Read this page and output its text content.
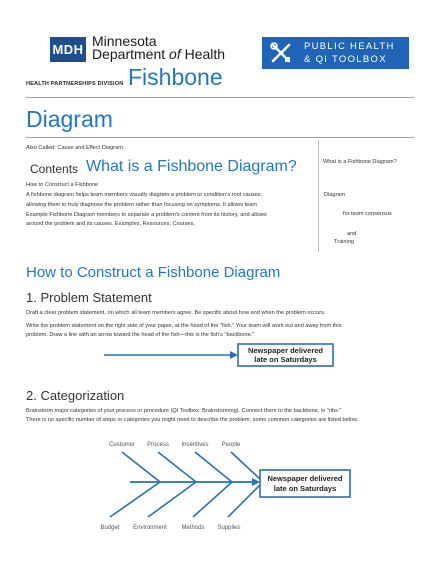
MDH
Minnesota
Department of Health	PUBLIC HEALTH
& QI TOOLBOX
HEALTH PARTNERSHIPS DIVISION Fishbone
Diagram
Also Called: Cause and Effect Diagram.
Contents What is a Fishbone Diagram?
How to Construct a Fishbone
A fishbone diagram helps team members visually diagram a problem or condition's root causes,
allowing them to truly diagnose the problem rather than focusing on symptoms. It allows team
Example Fishbone Diagram members to separate a problem's content from its history, and allows
around the problem and its causes. Examples, Resources, Courses,
What is a Fishbone Diagram?
Diagram
for team consensus
and
Training
How to Construct a Fishbone Diagram
1. Problem Statement
Draft a clear problem statement, on which all team members agree. Be specific about how and when the problem occurs.
Write the problem statement on the right side of your paper, at the head of the "fish." Your team will work out and away from this
problem. Draw a line with an arrow toward the head of the fish—this is the fish's "backbone."
Newspaper delivered
late on Saturdays
2. Categorization
Brainstorm major categories of your process or procedure (QI Toolbox: Brainstorming). Connect them to the backbone, in "ribs."
There is no specific number of steps or categories you might need to describe the problem; some common categories are listed below.
Customer Process Incentives People
Budget Environment Methods Supplies
Newspaper delivered
late on Saturdays
